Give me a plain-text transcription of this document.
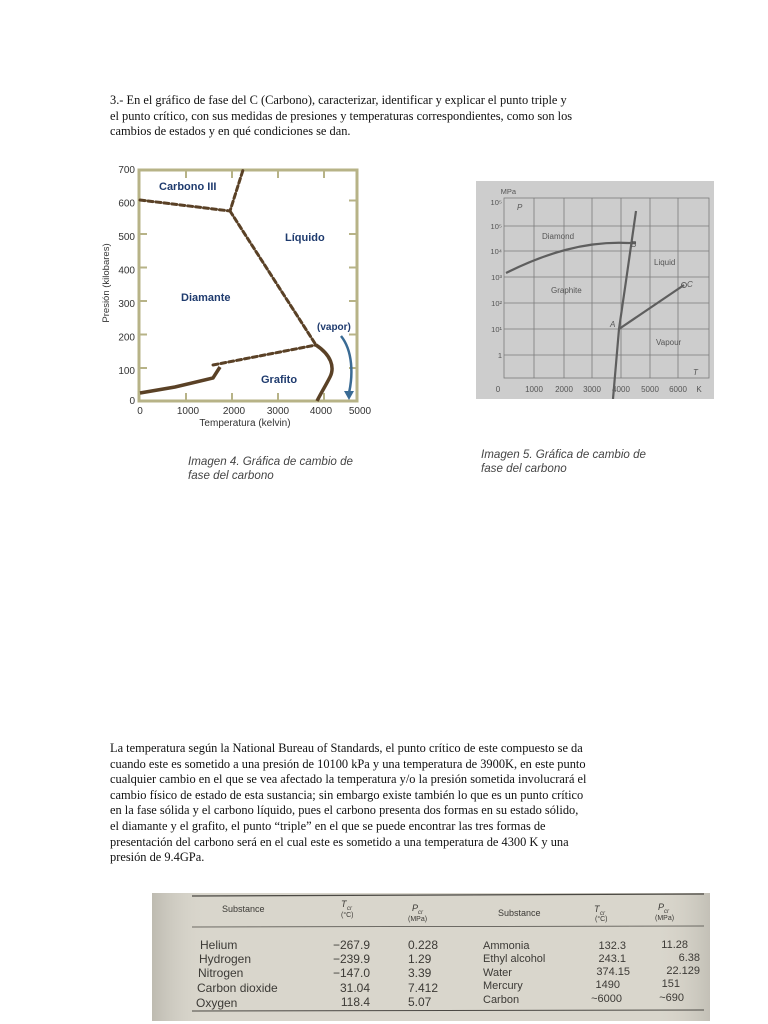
3.- En el gráfico de fase del C (Carbono), caracterizar, identificar y explicar el punto triple y

el punto crítico, con sus medidas de presiones y temperaturas correspondientes, como son los

cambios de estados y en qué condiciones se dan.

700
600
500
400
300
200
100
0
0	1000 2000 3000 4000 5000
Temperatura (kelvin)
Presión (kilobares)
Carbono III
Líquido
Diamante
(vapor)
Grafito

Imagen 4. Gráfica de cambio de

fase del carbono

MPa
10⁵
10⁵
10⁴
10³
10²
10¹
1
0	1000 2000 3000 4000 5000 6000 K
P
T
Diamond
Liquid
Graphite
Vapour
B
A
C

Imagen 5. Gráfica de cambio de

fase del carbono

La temperatura según la National Bureau of Standards, el punto crítico de este compuesto se da

cuando este es sometido a una presión de 10100 kPa y una temperatura de 3900K, en este punto

cualquier cambio en el que se vea afectado la temperatura y/o la presión sometida involucrará el

cambio físico de estado de esta sustancia; sin embargo existe también lo que es un punto crítico

en la fase sólida y el carbono líquido, pues el carbono presenta dos formas en su estado sólido,

el diamante y el grafito, el punto “triple” en el que se puede encontrar las tres formas de

presentación del carbono será en el cual este es sometido a una temperatura de 4300 K y una

presión de 9.4GPa.

Substance	T cr
(°C)
P cr
(MPa)
Substance	T cr
(°C)
P cr
(MPa)
Helium	−267.9	0.228
Hydrogen	−239.9	1.29
Nitrogen	−147.0	3.39
Carbon dioxide	31.04	7.412
Oxygen	118.4	5.07
Ammonia	132.3	11.28
Ethyl alcohol	243.1	6.38
Water	374.15	22.129
Mercury	1490	151
Carbon	~6000	~690
